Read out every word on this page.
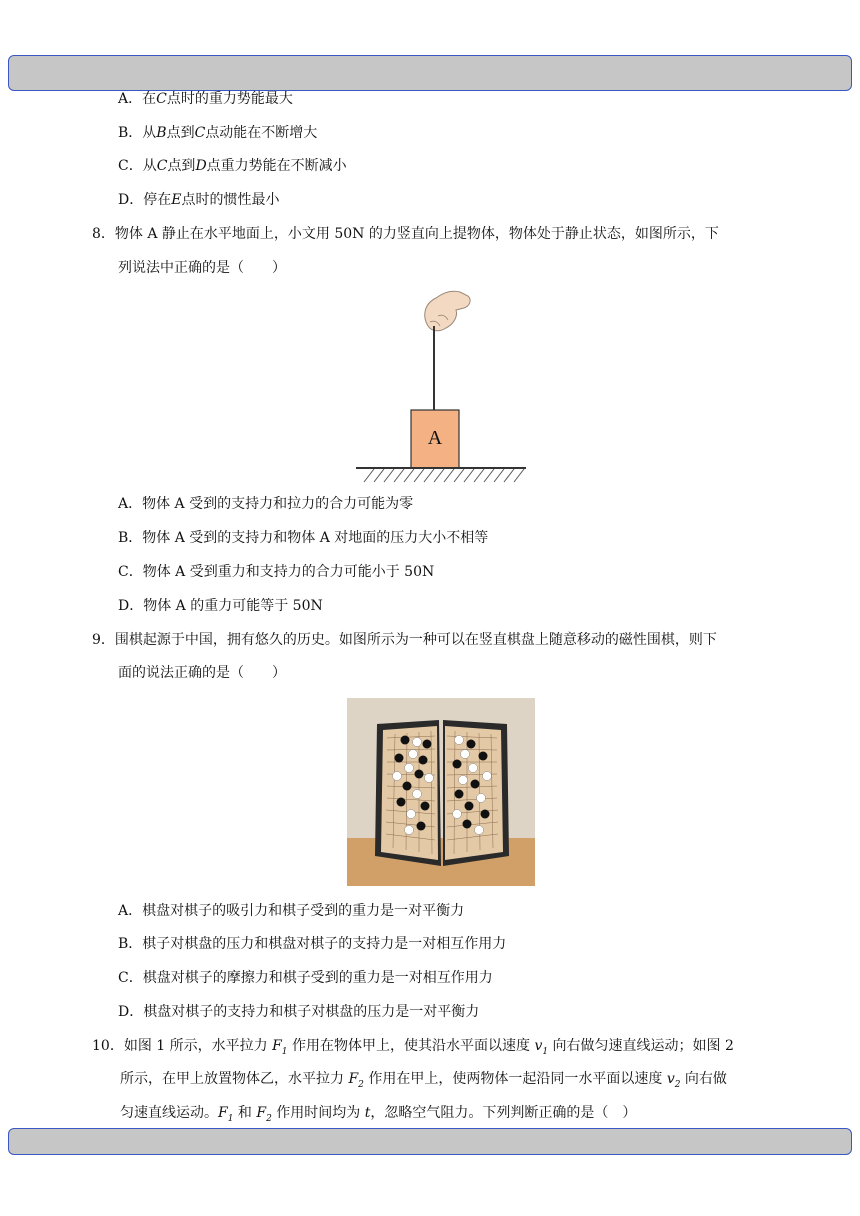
A．在C点时的重力势能最大
B．从B点到C点动能在不断增大
C．从C点到D点重力势能在不断减小
D．停在E点时的惯性最小
8．物体 A 静止在水平地面上，小文用 50N 的力竖直向上提物体，物体处于静止状态，如图所示，下
列说法中正确的是（　　）
A
A．物体 A 受到的支持力和拉力的合力可能为零
B．物体 A 受到的支持力和物体 A 对地面的压力大小不相等
C．物体 A 受到重力和支持力的合力可能小于 50N
D．物体 A 的重力可能等于 50N
9．围棋起源于中国，拥有悠久的历史。如图所示为一种可以在竖直棋盘上随意移动的磁性围棋，则下
面的说法正确的是（　　）
A．棋盘对棋子的吸引力和棋子受到的重力是一对平衡力
B．棋子对棋盘的压力和棋盘对棋子的支持力是一对相互作用力
C．棋盘对棋子的摩擦力和棋子受到的重力是一对相互作用力
D．棋盘对棋子的支持力和棋子对棋盘的压力是一对平衡力
10．如图 1 所示，水平拉力 $F_1$ 作用在物体甲上，使其沿水平面以速度 $v_1$ 向右做匀速直线运动；如图 2
所示，在甲上放置物体乙，水平拉力 $F_2$ 作用在甲上，使两物体一起沿同一水平面以速度 $v_2$ 向右做
匀速直线运动。$F_1$ 和 $F_2$ 作用时间均为 t，忽略空气阻力。下列判断正确的是（　）
